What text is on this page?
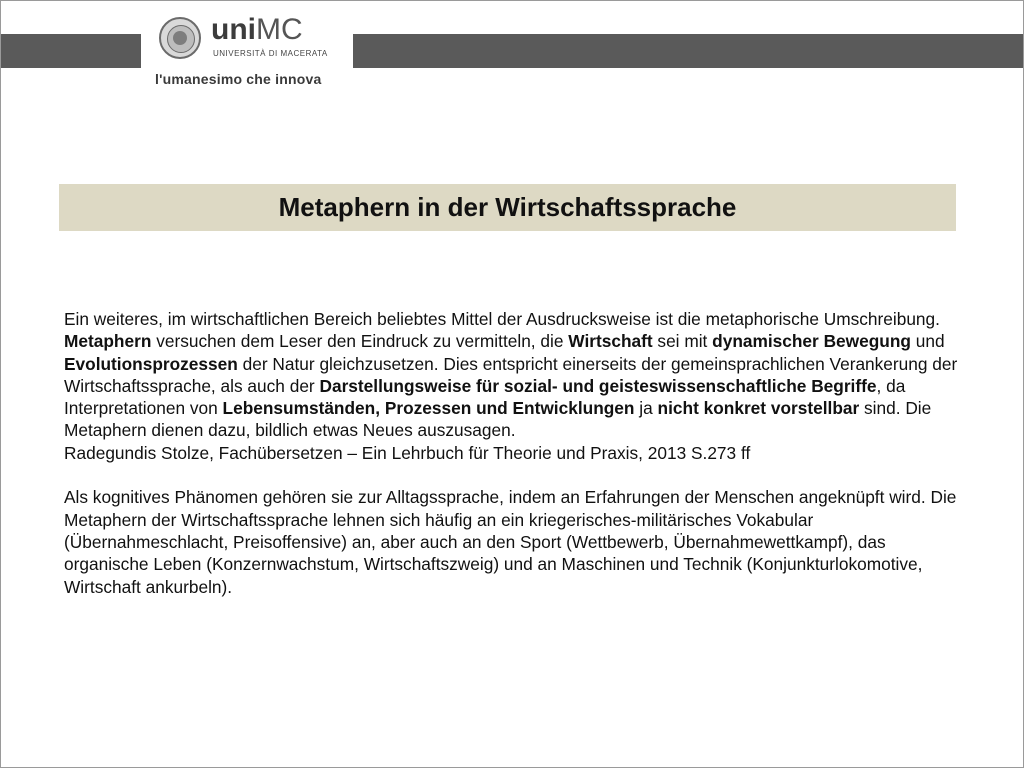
uniMC
UNIVERSITÀ DI MACERATA
l'umanesimo che innova
Metaphern in der Wirtschaftssprache

Ein weiteres, im wirtschaftlichen Bereich beliebtes Mittel der Ausdrucksweise ist die metaphorische Umschreibung. Metaphern versuchen dem Leser den Eindruck zu vermitteln, die Wirtschaft sei mit dynamischer Bewegung und Evolutionsprozessen der Natur gleichzusetzen. Dies entspricht einerseits der gemeinsprachlichen Verankerung der Wirtschaftssprache, als auch der Darstellungsweise für sozial- und geisteswissenschaftliche Begriffe, da Interpretationen von Lebensumständen, Prozessen und Entwicklungen ja nicht konkret vorstellbar sind. Die Metaphern dienen dazu, bildlich etwas Neues auszusagen.

Radegundis Stolze, Fachübersetzen – Ein Lehrbuch für Theorie und Praxis, 2013 S.273 ff

Als kognitives Phänomen gehören sie zur Alltagssprache, indem an Erfahrungen der Menschen angeknüpft wird. Die Metaphern der Wirtschaftssprache lehnen sich häufig an ein kriegerisches-militärisches Vokabular (Übernahmeschlacht, Preisoffensive) an, aber auch an den Sport (Wettbewerb, Übernahmewettkampf), das organische Leben (Konzernwachstum, Wirtschaftszweig) und an Maschinen und Technik (Konjunkturlokomotive, Wirtschaft ankurbeln).
